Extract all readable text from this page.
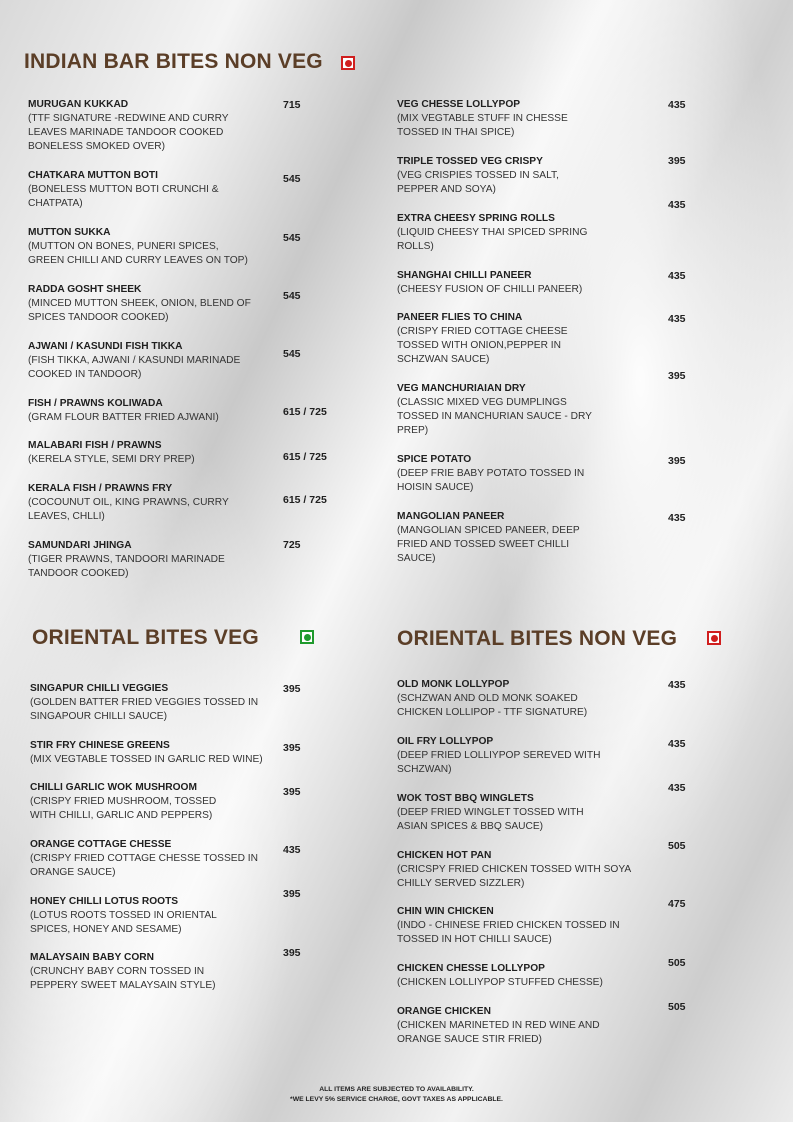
INDIAN BAR BITES NON VEG
ORIENTAL BITES VEG	ORIENTAL BITES NON VEG
MURUGAN KUKKAD
(TTF SIGNATURE -REDWINE AND CURRY
LEAVES MARINADE TANDOOR COOKED
BONELESS SMOKED OVER)
715
CHATKARA MUTTON BOTI
(BONELESS MUTTON BOTI CRUNCHI &
CHATPATA)
545
MUTTON SUKKA
(MUTTON ON BONES, PUNERI SPICES,
GREEN CHILLI AND CURRY LEAVES ON TOP)
545
RADDA GOSHT SHEEK
(MINCED MUTTON SHEEK, ONION, BLEND OF
SPICES TANDOOR COOKED)
545
AJWANI / KASUNDI FISH TIKKA
(FISH TIKKA, AJWANI / KASUNDI MARINADE
COOKED IN TANDOOR)
545
FISH / PRAWNS KOLIWADA
(GRAM FLOUR BATTER FRIED AJWANI)	615 / 725
MALABARI FISH / PRAWNS
(KERELA STYLE, SEMI DRY PREP)	615 / 725
KERALA FISH / PRAWNS FRY
(COCOUNUT OIL, KING PRAWNS, CURRY
LEAVES, CHLLI)
615 / 725
SAMUNDARI JHINGA
(TIGER PRAWNS, TANDOORI MARINADE
TANDOOR COOKED)
725
VEG CHESSE LOLLYPOP
(MIX VEGTABLE STUFF IN CHESSE
TOSSED IN THAI SPICE)
435
TRIPLE TOSSED VEG CRISPY
(VEG CRISPIES TOSSED IN SALT,
PEPPER AND SOYA)
395
EXTRA CHEESY SPRING ROLLS
(LIQUID CHEESY THAI SPICED SPRING
ROLLS)
435
SHANGHAI CHILLI PANEER
(CHEESY FUSION OF CHILLI PANEER)
435
PANEER FLIES TO CHINA
(CRISPY FRIED COTTAGE CHEESE
TOSSED WITH ONION,PEPPER IN
SCHZWAN SAUCE)
435
VEG MANCHURIAIAN DRY
(CLASSIC MIXED VEG DUMPLINGS
TOSSED IN MANCHURIAN SAUCE - DRY
PREP)
395
SPICE POTATO
(DEEP FRIE BABY POTATO TOSSED IN
HOISIN SAUCE)
395
MANGOLIAN PANEER
(MANGOLIAN SPICED PANEER, DEEP
FRIED AND TOSSED SWEET CHILLI
SAUCE)
435
SINGAPUR CHILLI VEGGIES
(GOLDEN BATTER FRIED VEGGIES TOSSED IN
SINGAPOUR CHILLI SAUCE)
395
STIR FRY CHINESE GREENS
(MIX VEGTABLE TOSSED IN GARLIC RED WINE)
395
CHILLI GARLIC WOK MUSHROOM
(CRISPY FRIED MUSHROOM, TOSSED
WITH CHILLI, GARLIC AND PEPPERS)
395
ORANGE COTTAGE CHESSE
(CRISPY FRIED COTTAGE CHESSE TOSSED IN
ORANGE SAUCE)
435
HONEY CHILLI LOTUS ROOTS
(LOTUS ROOTS TOSSED IN ORIENTAL
SPICES, HONEY AND SESAME)
395
MALAYSAIN BABY CORN
(CRUNCHY BABY CORN TOSSED IN
PEPPERY SWEET MALAYSAIN STYLE)
395
OLD MONK LOLLYPOP
(SCHZWAN AND OLD MONK SOAKED
CHICKEN LOLLIPOP - TTF SIGNATURE)
435
OIL FRY LOLLYPOP
(DEEP FRIED LOLLIYPOP SEREVED WITH
SCHZWAN)
435
WOK TOST BBQ WINGLETS
(DEEP FRIED WINGLET TOSSED WITH
ASIAN SPICES & BBQ SAUCE)
435
CHICKEN HOT PAN
(CRICSPY FRIED CHICKEN TOSSED WITH SOYA
CHILLY SERVED SIZZLER)
505
CHIN WIN CHICKEN
(INDO - CHINESE FRIED CHICKEN TOSSED IN
TOSSED IN HOT CHILLI SAUCE)
475
CHICKEN CHESSE LOLLYPOP
(CHICKEN LOLLIYPOP STUFFED CHESSE)
505
ORANGE CHICKEN
(CHICKEN MARINETED IN RED WINE AND
ORANGE SAUCE STIR FRIED)
505
ALL ITEMS ARE SUBJECTED TO AVAILABILITY.
*WE LEVY 5% SERVICE CHARGE, GOVT TAXES AS APPLICABLE.
